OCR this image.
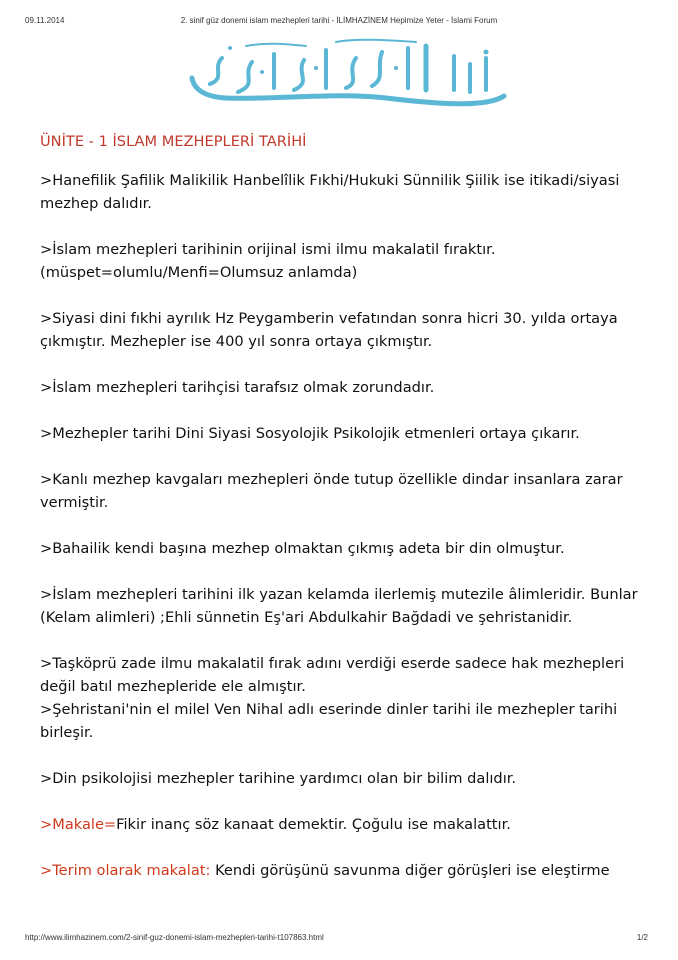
09.11.2014	2. sinif güz donemi islam mezhepleri tarihi - İLİMHAZİNEM Hepimize Yeter - İslami Forum

ÜNİTE - 1 İSLAM MEZHEPLERİ TARİHİ

>Hanefilik Şafilik Malikilik Hanbelîlik Fıkhi/Hukuki Sünnilik Şiilik ise itikadi/siyasi mezhep dalıdır.

>İslam mezhepleri tarihinin orijinal ismi ilmu makalatil fıraktır. (müspet=olumlu/Menfi=Olumsuz anlamda)

>Siyasi dini fıkhi ayrılık Hz Peygamberin vefatından sonra hicri 30. yılda ortaya çıkmıştır. Mezhepler ise 400 yıl sonra ortaya çıkmıştır.

>İslam mezhepleri tarihçisi tarafsız olmak zorundadır.

>Mezhepler tarihi Dini Siyasi Sosyolojik Psikolojik etmenleri ortaya çıkarır.

>Kanlı mezhep kavgaları mezhepleri önde tutup özellikle dindar insanlara zarar vermiştir.

>Bahailik kendi başına mezhep olmaktan çıkmış adeta bir din olmuştur.

>İslam mezhepleri tarihini ilk yazan kelamda ilerlemiş mutezile âlimleridir. Bunlar (Kelam alimleri) ;Ehli sünnetin Eş'ari Abdulkahir Bağdadi ve şehristanidir.

>Taşköprü zade ilmu makalatil fırak adını verdiği eserde sadece hak mezhepleri değil batıl mezhepleride ele almıştır.

>Şehristani'nin el milel Ven Nihal adlı eserinde dinler tarihi ile mezhepler tarihi birleşir.

>Din psikolojisi mezhepler tarihine yardımcı olan bir bilim dalıdır.

>Makale=Fikir inanç söz kanaat demektir. Çoğulu ise makalattır.

>Terim olarak makalat: Kendi görüşünü savunma diğer görüşleri ise eleştirme

http://www.ilimhazinem.com/2-sinif-guz-donemi-islam-mezhepleri-tarihi-t107863.html	1/2
